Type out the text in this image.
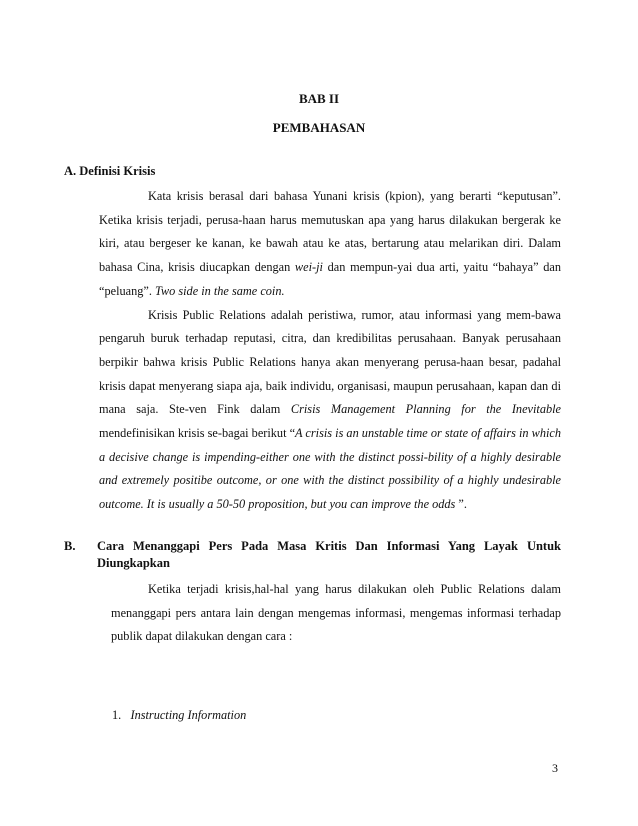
BAB II
PEMBAHASAN
A. Definisi Krisis

Kata krisis berasal dari bahasa Yunani krisis (kpion), yang berarti “keputusan”. Ketika krisis terjadi, perusa-haan harus memutuskan apa yang harus dilakukan bergerak ke kiri, atau bergeser ke kanan, ke bawah atau ke atas, bertarung atau melarikan diri. Dalam bahasa Cina, krisis diucapkan dengan wei-ji dan mempun-yai dua arti, yaitu “bahaya” dan “peluang”. Two side in the same coin.

Krisis Public Relations adalah peristiwa, rumor, atau informasi yang mem-bawa pengaruh buruk terhadap reputasi, citra, dan kredibilitas perusahaan. Banyak perusahaan berpikir bahwa krisis Public Relations hanya akan menyerang perusa-haan besar, padahal krisis dapat menyerang siapa aja, baik individu, organisasi, maupun perusahaan, kapan dan di mana saja. Ste-ven Fink dalam Crisis Management Planning for the Inevitable mendefinisikan krisis se-bagai berikut “A crisis is an unstable time or state of affairs in which a decisive change is impending-either one with the distinct possi-bility of a highly desirable and extremely positibe outcome, or one with the distinct possibility of a highly undesirable outcome. It is usually a 50-50 proposition, but you can improve the odds ”.

B. Cara Menanggapi Pers Pada Masa Kritis Dan Informasi Yang Layak Untuk
Diungkapkan

Ketika terjadi krisis,hal-hal yang harus dilakukan oleh Public Relations dalam menanggapi pers antara lain dengan mengemas informasi, mengemas informasi terhadap publik dapat dilakukan dengan cara :

1. Instructing Information
3
